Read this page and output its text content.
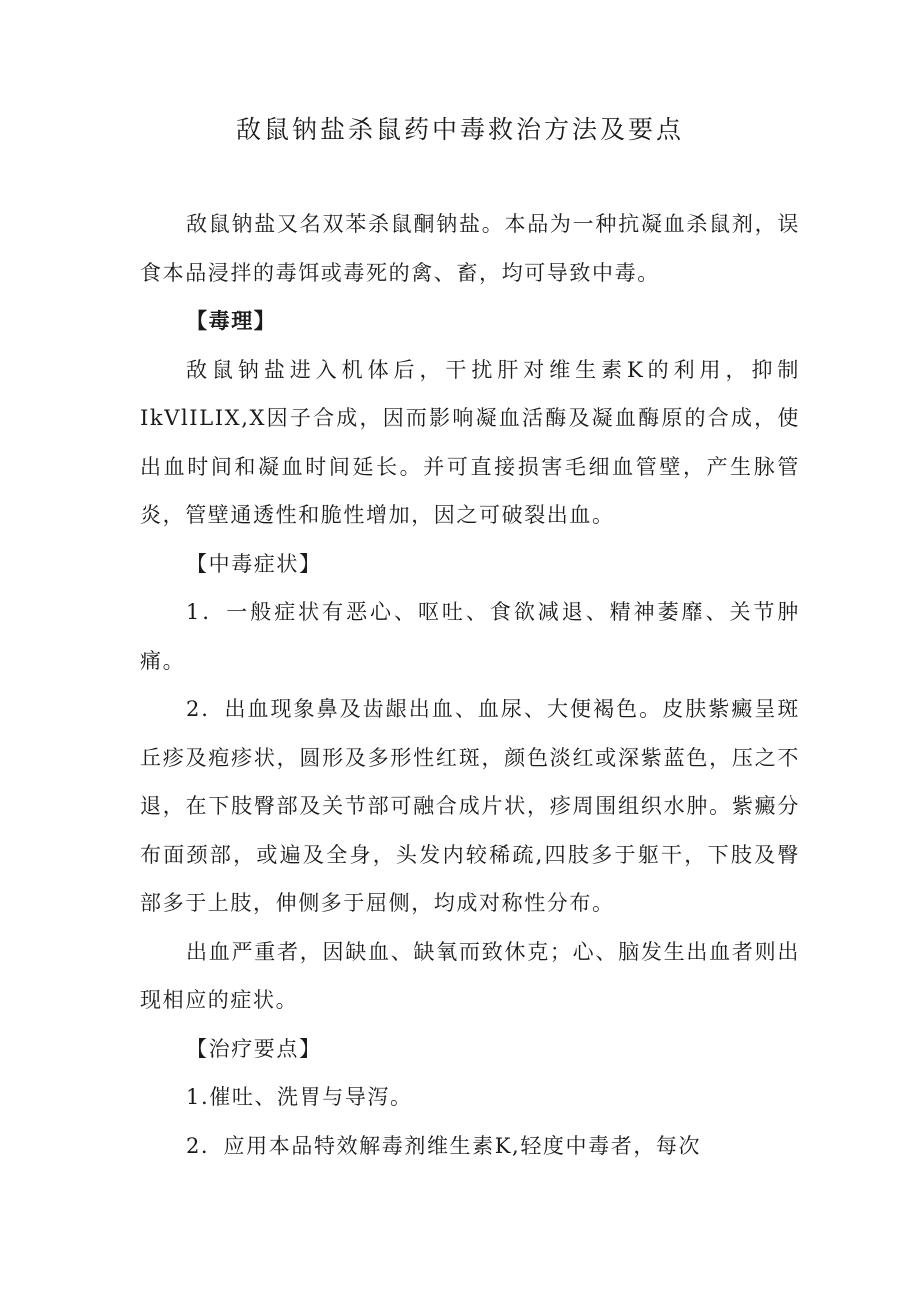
敌鼠钠盐杀鼠药中毒救治方法及要点

敌鼠钠盐又名双苯杀鼠酮钠盐。本品为一种抗凝血杀鼠剂，误食本品浸拌的毒饵或毒死的禽、畜，均可导致中毒。

【毒理】

敌鼠钠盐进入机体后，干扰肝对维生素K的利用，抑制IkVlILIX,X因子合成，因而影响凝血活酶及凝血酶原的合成，使出血时间和凝血时间延长。并可直接损害毛细血管壁，产生脉管炎，管壁通透性和脆性增加，因之可破裂出血。

【中毒症状】

1．一般症状有恶心、呕吐、食欲减退、精神萎靡、关节肿痛。

2．出血现象鼻及齿龈出血、血尿、大便褐色。皮肤紫癜呈斑丘疹及疱疹状，圆形及多形性红斑，颜色淡红或深紫蓝色，压之不退，在下肢臀部及关节部可融合成片状，疹周围组织水肿。紫癜分布面颈部，或遍及全身，头发内较稀疏,四肢多于躯干，下肢及臀部多于上肢，伸侧多于屈侧，均成对称性分布。

出血严重者，因缺血、缺氧而致休克；心、脑发生出血者则出现相应的症状。

【治疗要点】

1.催吐、洗胃与导泻。

2．应用本品特效解毒剂维生素K,轻度中毒者，每次
